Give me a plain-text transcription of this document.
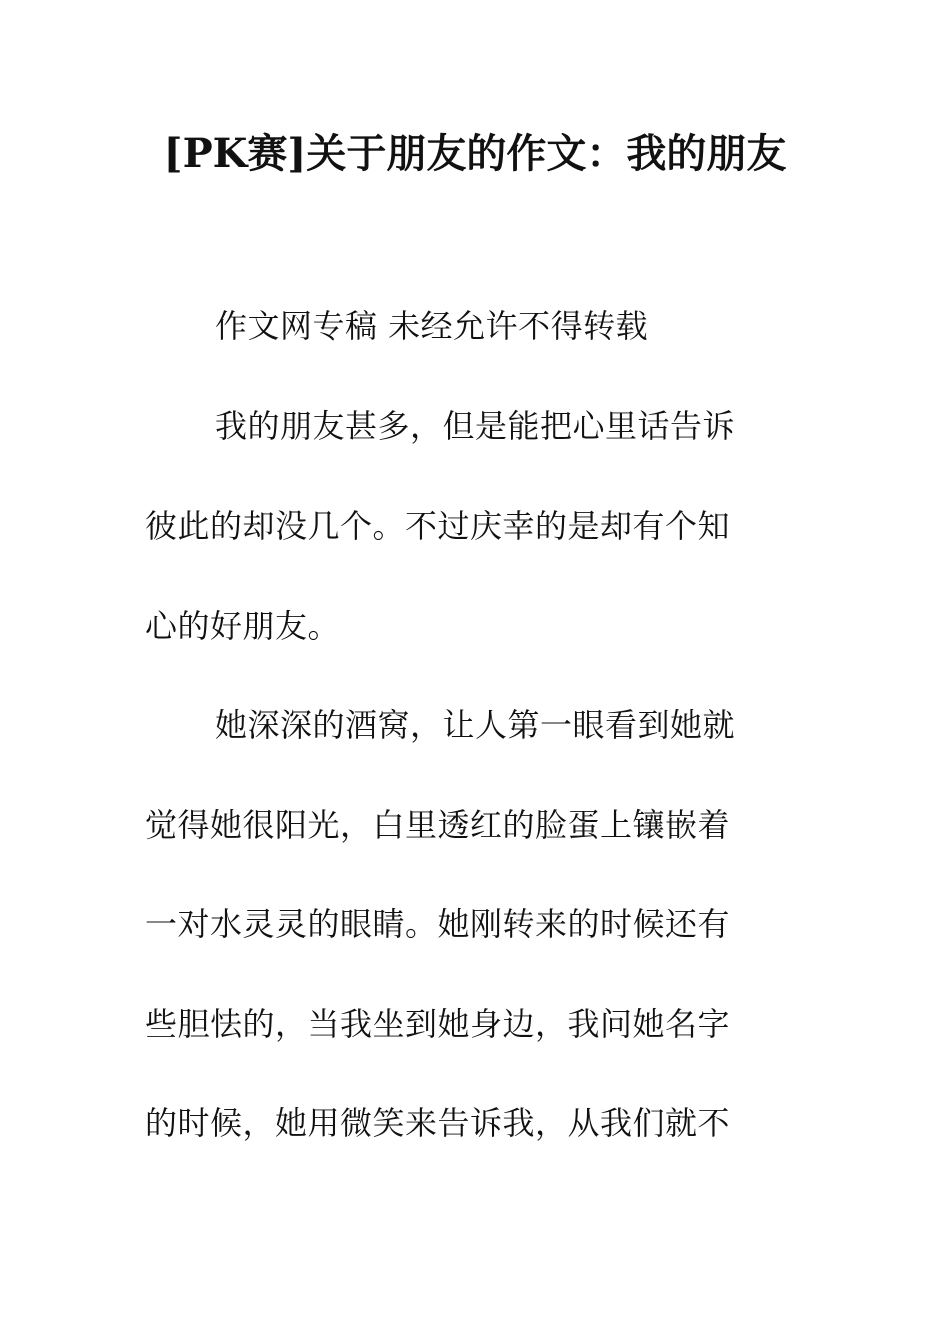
[PK赛]关于朋友的作文：我的朋友
作文网专稿 未经允许不得转载
我的朋友甚多，但是能把心里话告诉
彼此的却没几个。不过庆幸的是却有个知
心的好朋友。
她深深的酒窝，让人第一眼看到她就
觉得她很阳光，白里透红的脸蛋上镶嵌着
一对水灵灵的眼睛。她刚转来的时候还有
些胆怯的，当我坐到她身边，我问她名字
的时候，她用微笑来告诉我，从我们就不
